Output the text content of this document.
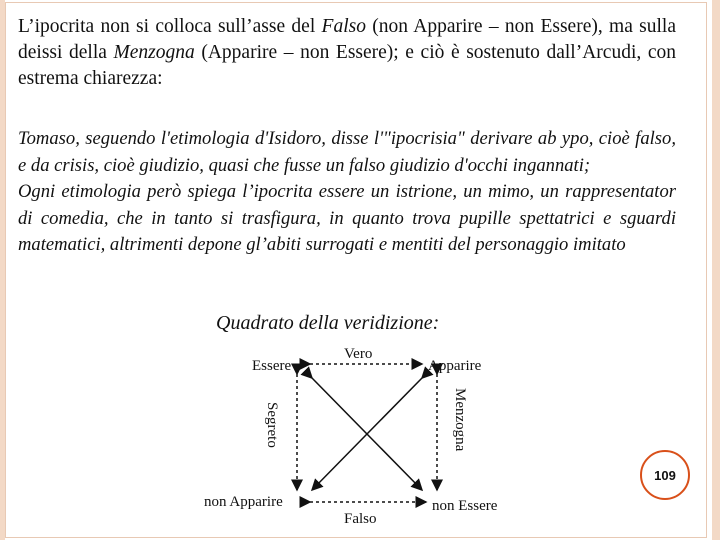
L’ipocrita non si colloca sull’asse del Falso (non Apparire – non Essere), ma sulla deissi della Menzogna (Apparire – non Essere); e ciò è sostenuto dall’Arcudi, con estrema chiarezza:

Tomaso, seguendo l'etimologia d'Isidoro, disse l'"ipocrisia" derivare ab ypo, cioè falso, e da crisis, cioè giudizio, quasi che fusse un falso giudizio d'occhi ingannati;

Ogni etimologia però spiega l’ipocrita essere un istrione, un mimo, un rappresentator di comedia, che in tanto si trasfigura, in quanto trova pupille spettatrici e sguardi matematici, altrimenti depone gl’abiti surrogati e mentiti del personaggio imitato

Quadrato della veridizione:
Essere	Apparire
non Apparire	non Essere
Vero
Falso
Segreto	Menzogna
109
